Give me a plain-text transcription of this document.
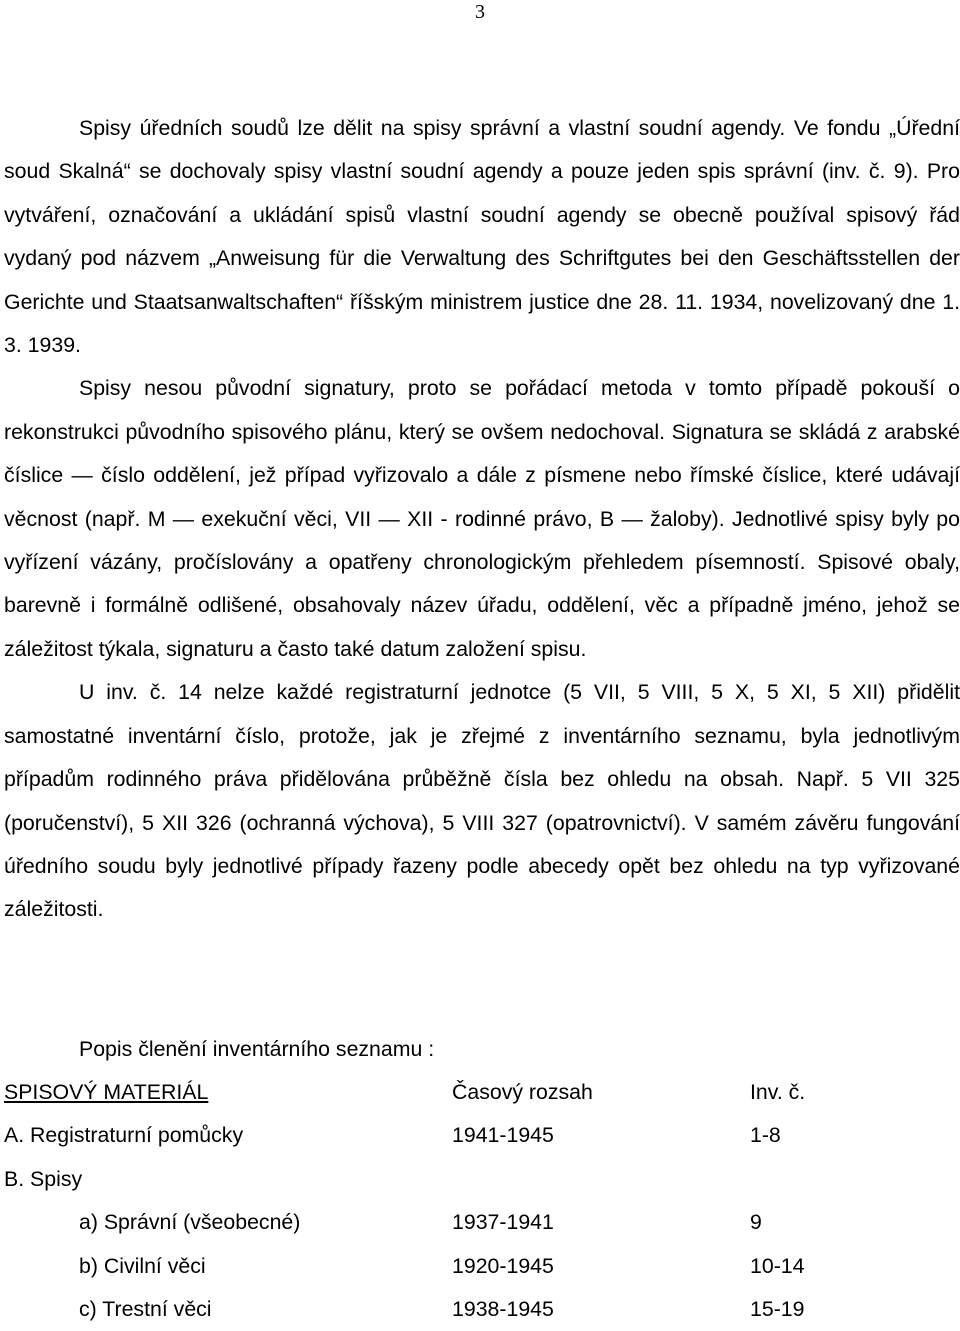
3

Spisy úředních soudů lze dělit na spisy správní a vlastní soudní agendy. Ve fondu „Úřední soud Skalná“ se dochovaly spisy vlastní soudní agendy a pouze jeden spis správní (inv. č. 9). Pro vytváření, označování a ukládání spisů vlastní soudní agendy se obecně používal spisový řád vydaný pod názvem „Anweisung für die Verwaltung des Schriftgutes bei den Geschäftsstellen der Gerichte und Staatsanwaltschaften“ říšským ministrem justice dne 28. 11. 1934, novelizovaný dne 1. 3. 1939.

Spisy nesou původní signatury, proto se pořádací metoda v tomto případě pokouší o rekonstrukci původního spisového plánu, který se ovšem nedochoval. Signatura se skládá z arabské číslice — číslo oddělení, jež případ vyřizovalo a dále z písmene nebo římské číslice, které udávají věcnost (např. M — exekuční věci, VII — XII - rodinné právo, B — žaloby). Jednotlivé spisy byly po vyřízení vázány, pročíslovány a opatřeny chronologickým přehledem písemností. Spisové obaly, barevně i formálně odlišené, obsahovaly název úřadu, oddělení, věc a případně jméno, jehož se záležitost týkala, signaturu a často také datum založení spisu.

U inv. č. 14 nelze každé registraturní jednotce (5 VII, 5 VIII, 5 X, 5 XI, 5 XII) přidělit samostatné inventární číslo, protože, jak je zřejmé z inventárního seznamu, byla jednotlivým případům rodinného práva přidělována průběžně čísla bez ohledu na obsah. Např. 5 VII 325 (poručenství), 5 XII 326 (ochranná výchova), 5 VIII 327 (opatrovnictví). V samém závěru fungování úředního soudu byly jednotlivé případy řazeny podle abecedy opět bez ohledu na typ vyřizované záležitosti.

Popis členění inventárního seznamu :
SPISOVÝ MATERIÁL	Časový rozsah	Inv. č.
A. Registraturní pomůcky	1941-1945	1-8
B. Spisy
a) Správní (všeobecné)	1937-1941	9
b) Civilní věci	1920-1945	10-14
c) Trestní věci	1938-1945	15-19
